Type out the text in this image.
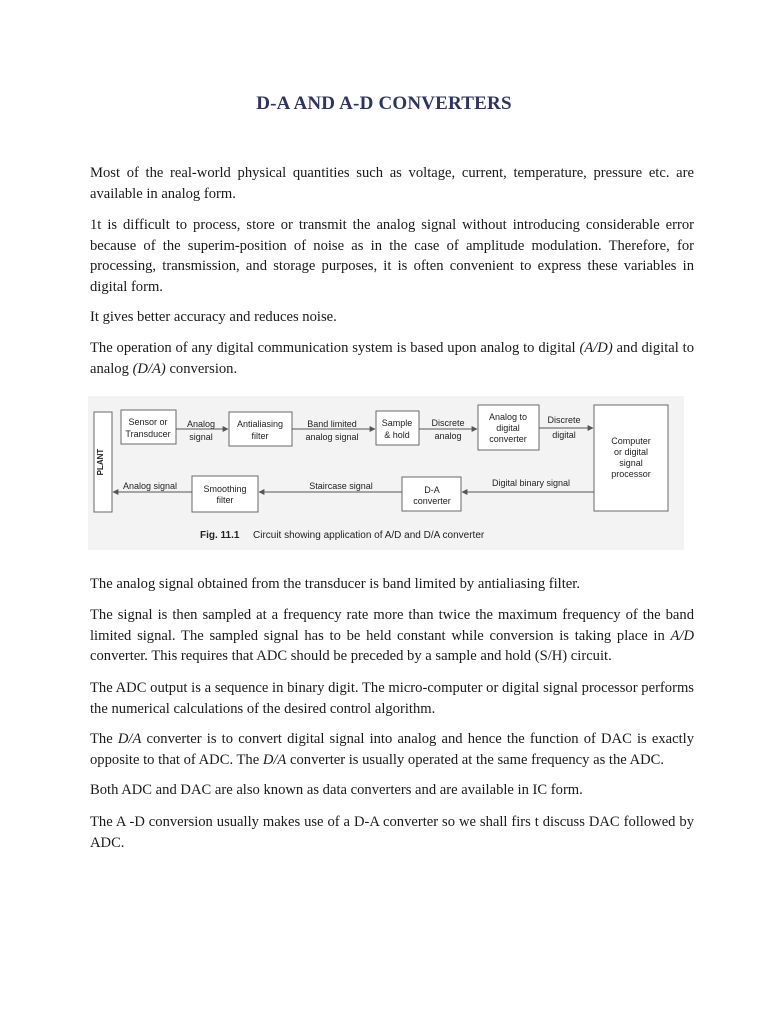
D-A AND A-D CONVERTERS

Most of the real-world physical quantities such as voltage, current, temperature, pressure etc. are available in analog form.

1t is difficult to process, store or transmit the analog signal without introducing considerable error because of the superim-position of noise as in the case of amplitude modulation. Therefore, for processing, transmission, and storage purposes, it is often convenient to express these variables in digital form.

It gives better accuracy and reduces noise.

The operation of any digital communication system is based upon analog to digital (A/D) and digital to analog (D/A) conversion.

PLANT
Sensor or
Transducer
Analog
signal
Antialiasing
filter
Band limited
analog signal
Sample
& hold
Discrete
analog
Analog to
digital
converter
Discrete
digital
Computer
or digital
signal
processor
Digital binary signal
D-A
converter
Staircase signal
Smoothing
filter
Analog signal
Fig. 11.1 Circuit showing application of A/D and D/A converter

The analog signal obtained from the transducer is band limited by antialiasing filter.

The signal is then sampled at a frequency rate more than twice the maximum frequency of the band limited signal. The sampled signal has to be held constant while conversion is taking place in A/D converter. This requires that ADC should be preceded by a sample and hold (S/H) circuit.

The ADC output is a sequence in binary digit. The micro-computer or digital signal processor performs the numerical calculations of the desired control algorithm.

The D/A converter is to convert digital signal into analog and hence the function of DAC is exactly opposite to that of ADC. The D/A converter is usually operated at the same frequency as the ADC.

Both ADC and DAC are also known as data converters and are available in IC form.

The A -D conversion usually makes use of a D-A converter so we shall firs t discuss DAC followed by ADC.
